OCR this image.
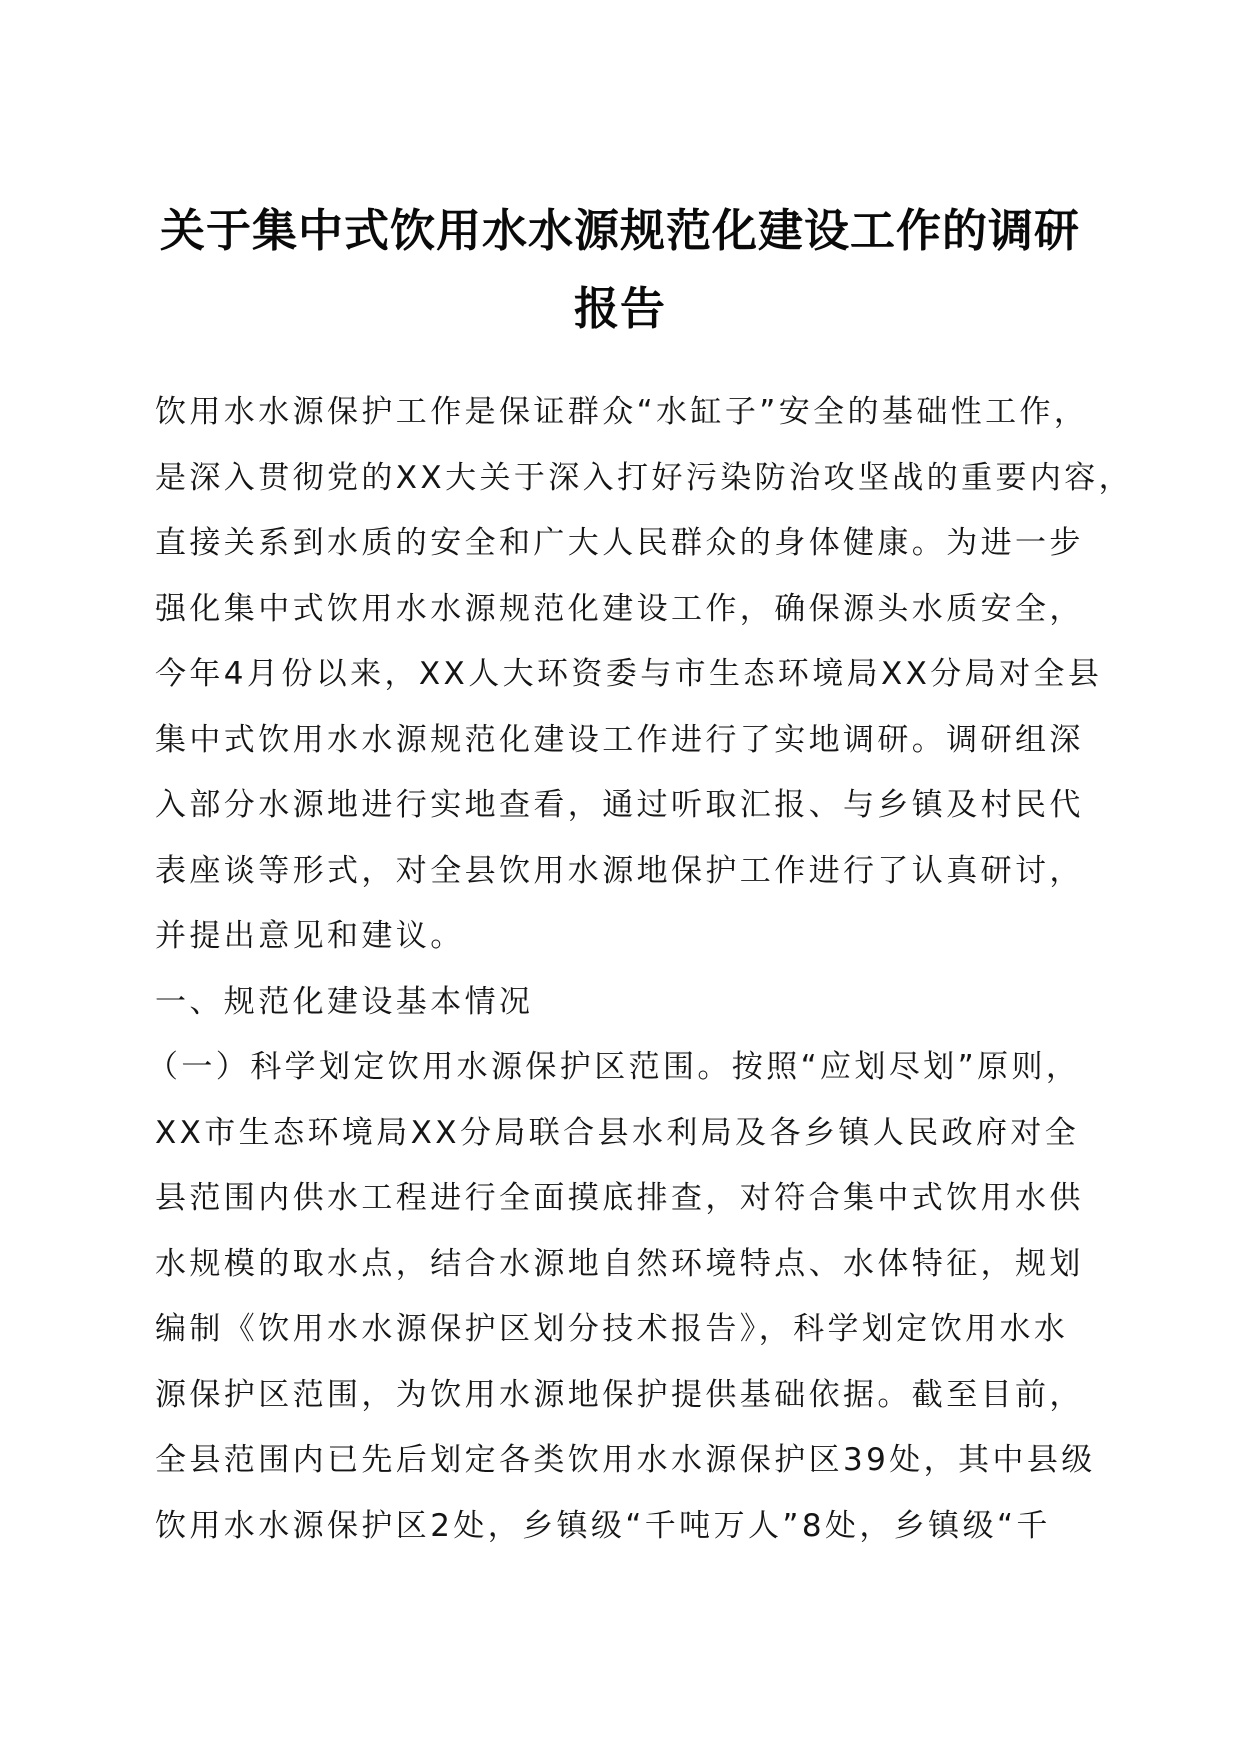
关于集中式饮用水水源规范化建设工作的调研
报告
饮用水水源保护工作是保证群众“水缸子”安全的基础性工作，
是深入贯彻党的XX大关于深入打好污染防治攻坚战的重要内容，
直接关系到水质的安全和广大人民群众的身体健康。为进一步
强化集中式饮用水水源规范化建设工作，确保源头水质安全，
今年4月份以来，XX人大环资委与市生态环境局XX分局对全县
集中式饮用水水源规范化建设工作进行了实地调研。调研组深
入部分水源地进行实地查看，通过听取汇报、与乡镇及村民代
表座谈等形式，对全县饮用水源地保护工作进行了认真研讨，
并提出意见和建议。
一、规范化建设基本情况
（一）科学划定饮用水源保护区范围。按照“应划尽划”原则，
XX市生态环境局XX分局联合县水利局及各乡镇人民政府对全
县范围内供水工程进行全面摸底排查，对符合集中式饮用水供
水规模的取水点，结合水源地自然环境特点、水体特征，规划
编制《饮用水水源保护区划分技术报告》，科学划定饮用水水
源保护区范围，为饮用水源地保护提供基础依据。截至目前，
全县范围内已先后划定各类饮用水水源保护区39处，其中县级
饮用水水源保护区2处，乡镇级“千吨万人”8处，乡镇级“千
